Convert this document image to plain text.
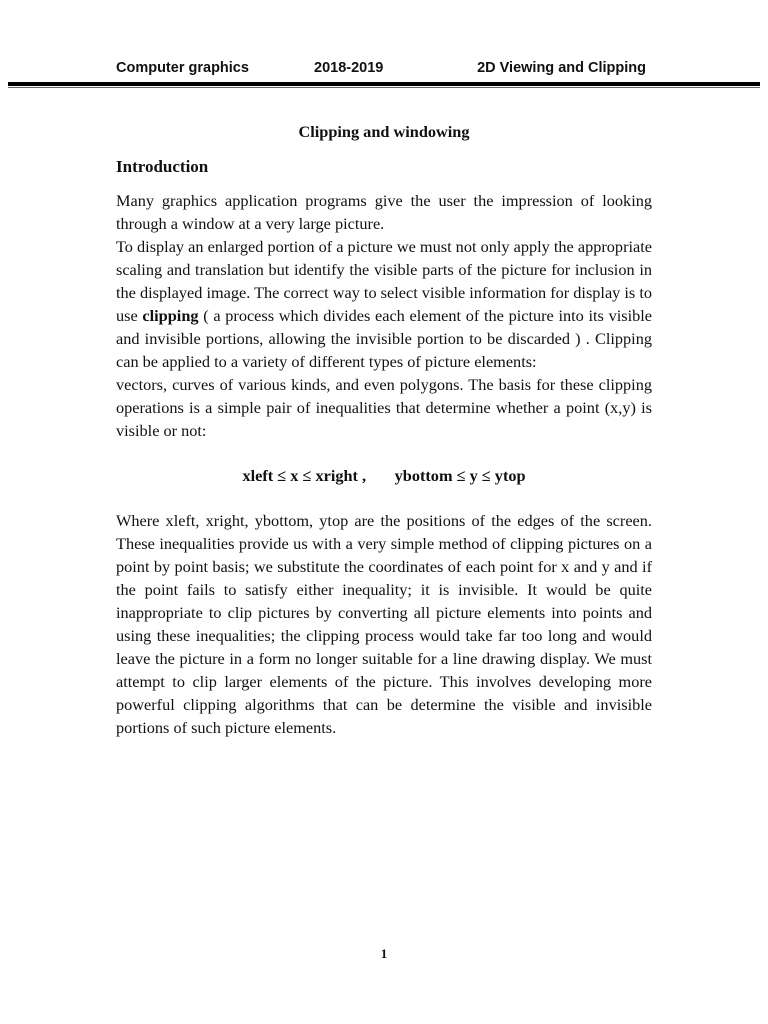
Computer graphics	2018-2019	2D Viewing and Clipping
Clipping and windowing
Introduction

Many graphics application programs give the user the impression of looking through a window at a very large picture.

To display an enlarged portion of a picture we must not only apply the appropriate scaling and translation but identify the visible parts of the picture for inclusion in the displayed image. The correct way to select visible information for display is to use clipping ( a process which divides each element of the picture into its visible and invisible portions, allowing the invisible portion to be discarded ) . Clipping can be applied to a variety of different types of picture elements:

vectors, curves of various kinds, and even polygons. The basis for these clipping operations is a simple pair of inequalities that determine whether a point (x,y) is visible or not:

xleft ≤ x ≤ xright , ybottom ≤ y ≤ ytop

Where xleft, xright, ybottom, ytop are the positions of the edges of the screen. These inequalities provide us with a very simple method of clipping pictures on a point by point basis; we substitute the coordinates of each point for x and y and if the point fails to satisfy either inequality; it is invisible. It would be quite inappropriate to clip pictures by converting all picture elements into points and using these inequalities; the clipping process would take far too long and would leave the picture in a form no longer suitable for a line drawing display. We must attempt to clip larger elements of the picture. This involves developing more powerful clipping algorithms that can be determine the visible and invisible portions of such picture elements.

1
